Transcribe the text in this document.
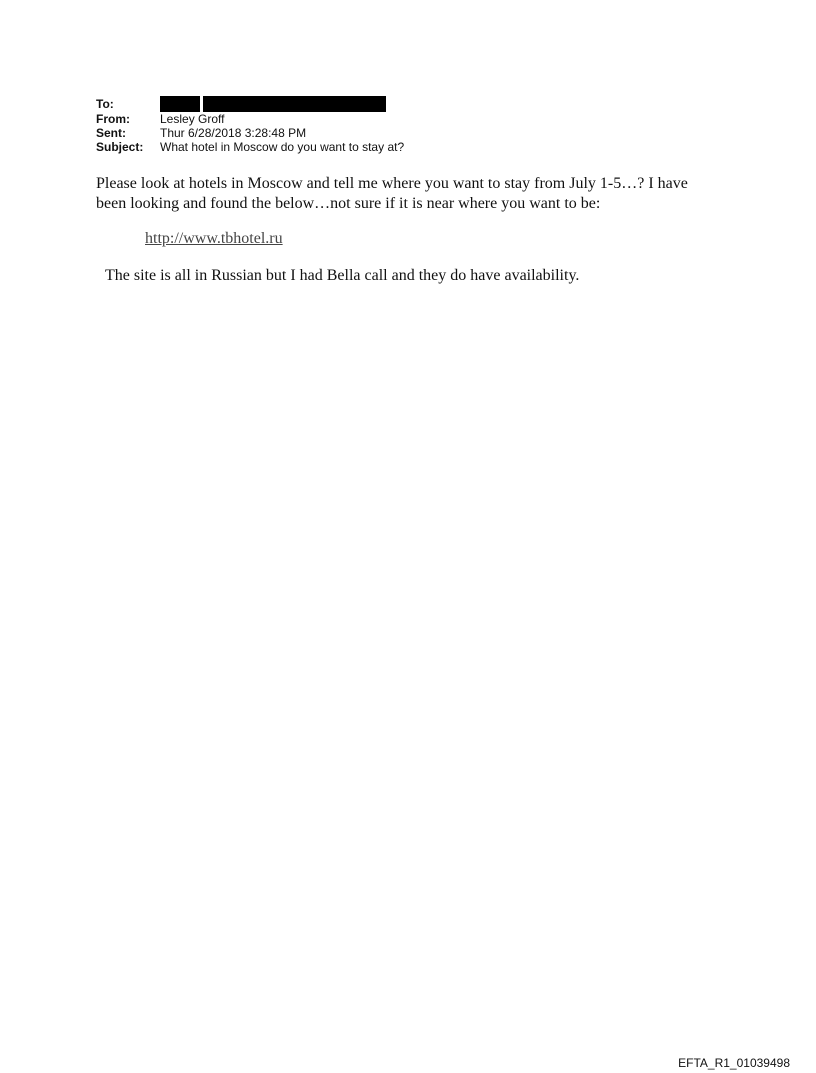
To:
From:	Lesley Groff
Sent:	Thur 6/28/2018 3:28:48 PM
Subject:	What hotel in Moscow do you want to stay at?
Please look at hotels in Moscow and tell me where you want to stay from July 1-5…? I have
been looking and found the below…not sure if it is near where you want to be:
http://www.tbhotel.ru
The site is all in Russian but I had Bella call and they do have availability.
EFTA_R1_01039498
